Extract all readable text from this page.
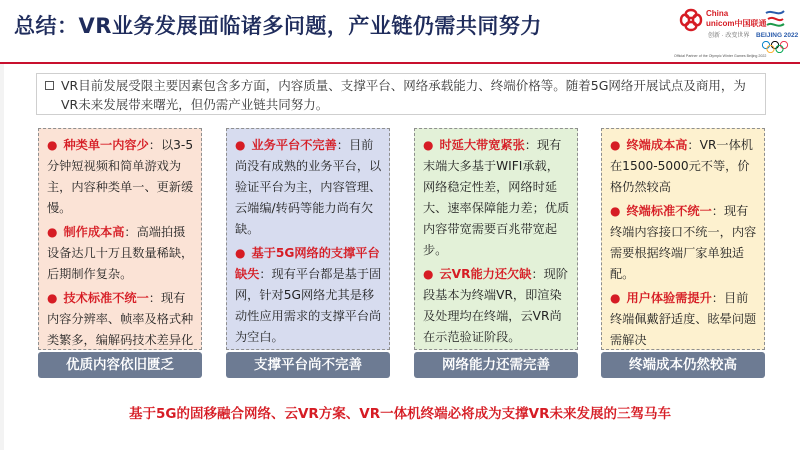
总结：VR业务发展面临诸多问题，产业链仍需共同努力
China
unicom中国联通
创新 · 改变世界 BEIJING 2022
Official Partner of the Olympic Winter Games Beijing 2022
VR目前发展受限主要因素包含多方面，内容质量、支撑平台、网络承载能力、终端价格等。随着5G网络开展试点及商用，为VR未来发展带来曙光，但仍需产业链共同努力。

● 种类单一内容少：以3-5分钟短视频和简单游戏为主，内容种类单一、更新缓慢。

● 制作成本高：高端拍摄设备达几十万且数量稀缺，后期制作复杂。

● 技术标准不统一：现有内容分辨率、帧率及格式种类繁多，编解码技术差异化

优质内容依旧匮乏

● 业务平台不完善：目前尚没有成熟的业务平台，以验证平台为主，内容管理、云端编/转码等能力尚有欠缺。

● 基于5G网络的支撑平台缺失：现有平台都是基于固网，针对5G网络尤其是移动性应用需求的支撑平台尚为空白。

支撑平台尚不完善

● 时延大带宽紧张：现有末端大多基于WIFI承载，网络稳定性差，网络时延大、速率保障能力差；优质内容带宽需要百兆带宽起步。

● 云VR能力还欠缺：现阶段基本为终端VR，即渲染及处理均在终端，云VR尚在示范验证阶段。

网络能力还需完善

● 终端成本高：VR一体机在1500-5000元不等，价格仍然较高

● 终端标准不统一：现有终端内容接口不统一，内容需要根据终端厂家单独适配。

● 用户体验需提升：目前终端佩戴舒适度、眩晕问题需解决

终端成本仍然较高
基于5G的固移融合网络、云VR方案、VR一体机终端必将成为支撑VR未来发展的三驾马车
